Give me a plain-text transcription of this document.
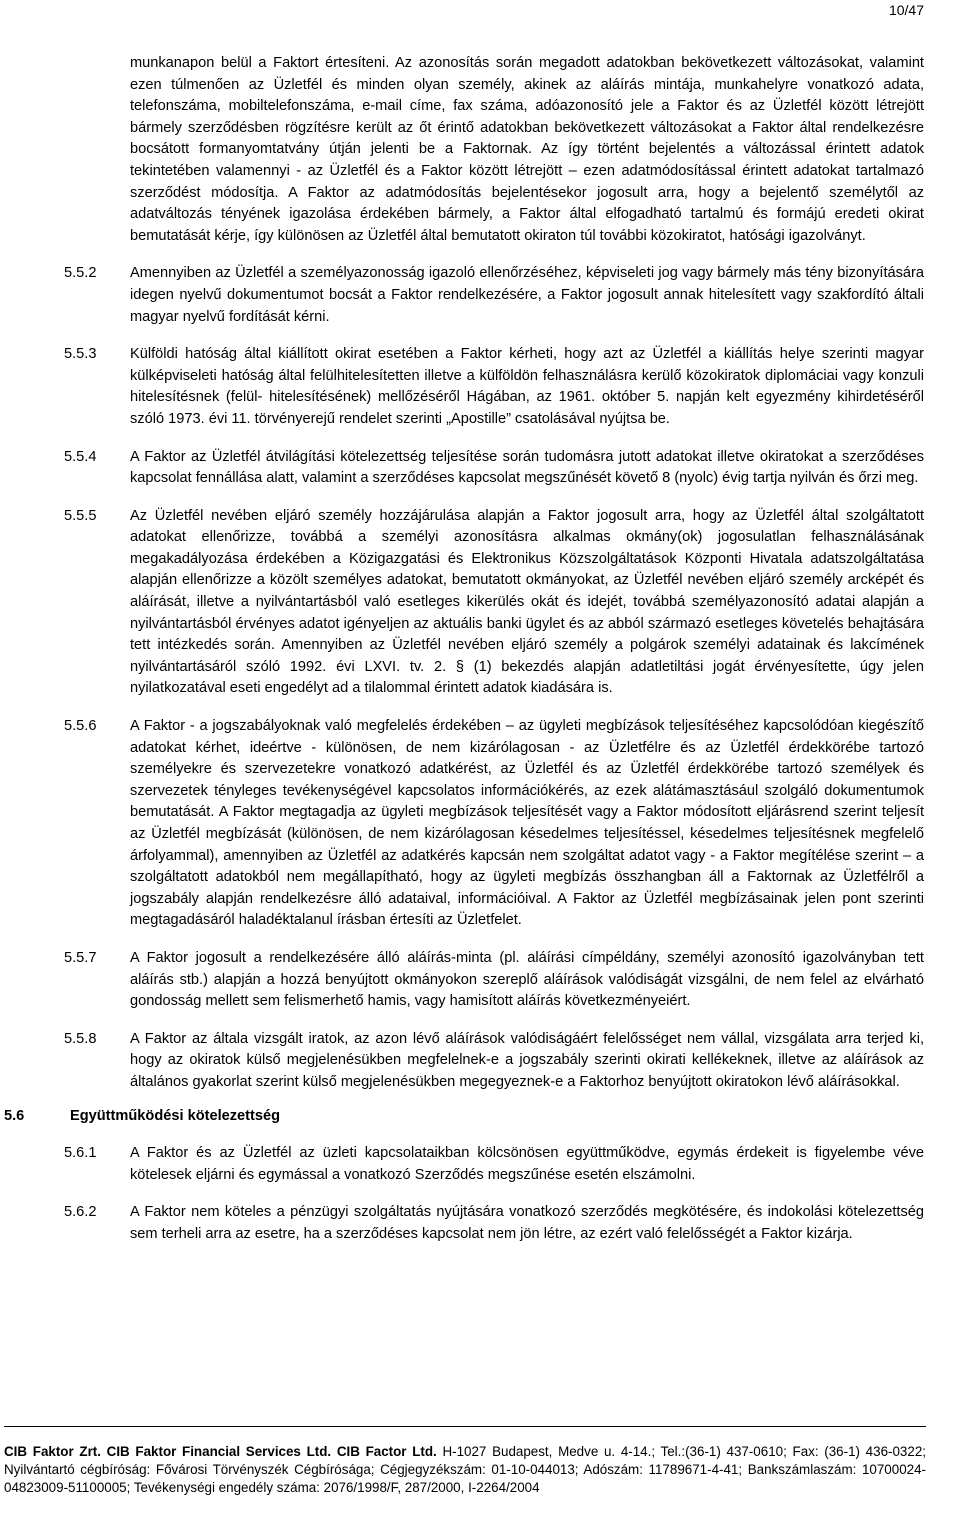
10/47

munkanapon belül a Faktort értesíteni. Az azonosítás során megadott adatokban bekövetkezett változásokat, valamint ezen túlmenően az Üzletfél és minden olyan személy, akinek az aláírás mintája, munkahelyre vonatkozó adata, telefonszáma, mobiltelefonszáma, e-mail címe, fax száma, adóazonosító jele a Faktor és az Üzletfél között létrejött bármely szerződésben rögzítésre került az őt érintő adatokban bekövetkezett változásokat a Faktor által rendelkezésre bocsátott formanyomtatvány útján jelenti be a Faktornak. Az így történt bejelentés a változással érintett adatok tekintetében valamennyi - az Üzletfél és a Faktor között létrejött – ezen adatmódosítással érintett adatokat tartalmazó szerződést módosítja. A Faktor az adatmódosítás bejelentésekor jogosult arra, hogy a bejelentő személytől az adatváltozás tényének igazolása érdekében bármely, a Faktor által elfogadható tartalmú és formájú eredeti okirat bemutatását kérje, így különösen az Üzletfél által bemutatott okiraton túl további közokiratot, hatósági igazolványt.

5.5.2	Amennyiben az Üzletfél a személyazonosság igazoló ellenőrzéséhez, képviseleti jog vagy bármely más tény bizonyítására idegen nyelvű dokumentumot bocsát a Faktor rendelkezésére, a Faktor jogosult annak hitelesített vagy szakfordító általi magyar nyelvű fordítását kérni.
5.5.3	Külföldi hatóság által kiállított okirat esetében a Faktor kérheti, hogy azt az Üzletfél a kiállítás helye szerinti magyar külképviseleti hatóság által felülhitelesítetten illetve a külföldön felhasználásra kerülő közokiratok diplomáciai vagy konzuli hitelesítésnek (felül- hitelesítésének) mellőzéséről Hágában, az 1961. október 5. napján kelt egyezmény kihirdetéséről szóló 1973. évi 11. törvényerejű rendelet szerinti „Apostille” csatolásával nyújtsa be.
5.5.4	A Faktor az Üzletfél átvilágítási kötelezettség teljesítése során tudomásra jutott adatokat illetve okiratokat a szerződéses kapcsolat fennállása alatt, valamint a szerződéses kapcsolat megszűnését követő 8 (nyolc) évig tartja nyilván és őrzi meg.
5.5.5	Az Üzletfél nevében eljáró személy hozzájárulása alapján a Faktor jogosult arra, hogy az Üzletfél által szolgáltatott adatokat ellenőrizze, továbbá a személyi azonosításra alkalmas okmány(ok) jogosulatlan felhasználásának megakadályozása érdekében a Közigazgatási és Elektronikus Közszolgáltatások Központi Hivatala adatszolgáltatása alapján ellenőrizze a közölt személyes adatokat, bemutatott okmányokat, az Üzletfél nevében eljáró személy arcképét és aláírását, illetve a nyilvántartásból való esetleges kikerülés okát és idejét, továbbá személyazonosító adatai alapján a nyilvántartásból érvényes adatot igényeljen az aktuális banki ügylet és az abból származó esetleges követelés behajtására tett intézkedés során. Amennyiben az Üzletfél nevében eljáró személy a polgárok személyi adatainak és lakcímének nyilvántartásáról szóló 1992. évi LXVI. tv. 2. § (1) bekezdés alapján adatletiltási jogát érvényesítette, úgy jelen nyilatkozatával eseti engedélyt ad a tilalommal érintett adatok kiadására is.
5.5.6	A Faktor - a jogszabályoknak való megfelelés érdekében – az ügyleti megbízások teljesítéséhez kapcsolódóan kiegészítő adatokat kérhet, ideértve - különösen, de nem kizárólagosan - az Üzletfélre és az Üzletfél érdekkörébe tartozó személyekre és szervezetekre vonatkozó adatkérést, az Üzletfél és az Üzletfél érdekkörébe tartozó személyek és szervezetek tényleges tevékenységével kapcsolatos információkérés, az ezek alátámasztásául szolgáló dokumentumok bemutatását. A Faktor megtagadja az ügyleti megbízások teljesítését vagy a Faktor módosított eljárásrend szerint teljesít az Üzletfél megbízását (különösen, de nem kizárólagosan késedelmes teljesítéssel, késedelmes teljesítésnek megfelelő árfolyammal), amennyiben az Üzletfél az adatkérés kapcsán nem szolgáltat adatot vagy - a Faktor megítélése szerint – a szolgáltatott adatokból nem megállapítható, hogy az ügyleti megbízás összhangban áll a Faktornak az Üzletfélről a jogszabály alapján rendelkezésre álló adataival, információival. A Faktor az Üzletfél megbízásainak jelen pont szerinti megtagadásáról haladéktalanul írásban értesíti az Üzletfelet.
5.5.7	A Faktor jogosult a rendelkezésére álló aláírás-minta (pl. aláírási címpéldány, személyi azonosító igazolványban tett aláírás stb.) alapján a hozzá benyújtott okmányokon szereplő aláírások valódiságát vizsgálni, de nem felel az elvárható gondosság mellett sem felismerhető hamis, vagy hamisított aláírás következményeiért.
5.5.8	A Faktor az általa vizsgált iratok, az azon lévő aláírások valódiságáért felelősséget nem vállal, vizsgálata arra terjed ki, hogy az okiratok külső megjelenésükben megfelelnek-e a jogszabály szerinti okirati kellékeknek, illetve az aláírások az általános gyakorlat szerint külső megjelenésükben megegyeznek-e a Faktorhoz benyújtott okiratokon lévő aláírásokkal.
5.6	Együttműködési kötelezettség
5.6.1	A Faktor és az Üzletfél az üzleti kapcsolataikban kölcsönösen együttműködve, egymás érdekeit is figyelembe véve kötelesek eljárni és egymással a vonatkozó Szerződés megszűnése esetén elszámolni.
5.6.2	A Faktor nem köteles a pénzügyi szolgáltatás nyújtására vonatkozó szerződés megkötésére, és indokolási kötelezettség sem terheli arra az esetre, ha a szerződéses kapcsolat nem jön létre, az ezért való felelősségét a Faktor kizárja.
CIB Faktor Zrt. CIB Faktor Financial Services Ltd. CIB Factor Ltd. H-1027 Budapest, Medve u. 4-14.; Tel.:(36-1) 437-0610; Fax: (36-1) 436-0322; Nyilvántartó cégbíróság: Fővárosi Törvényszék Cégbírósága; Cégjegyzékszám: 01-10-044013; Adószám: 11789671-4-41; Bankszámlaszám: 10700024-04823009-51100005; Tevékenységi engedély száma: 2076/1998/F, 287/2000, I-2264/2004
